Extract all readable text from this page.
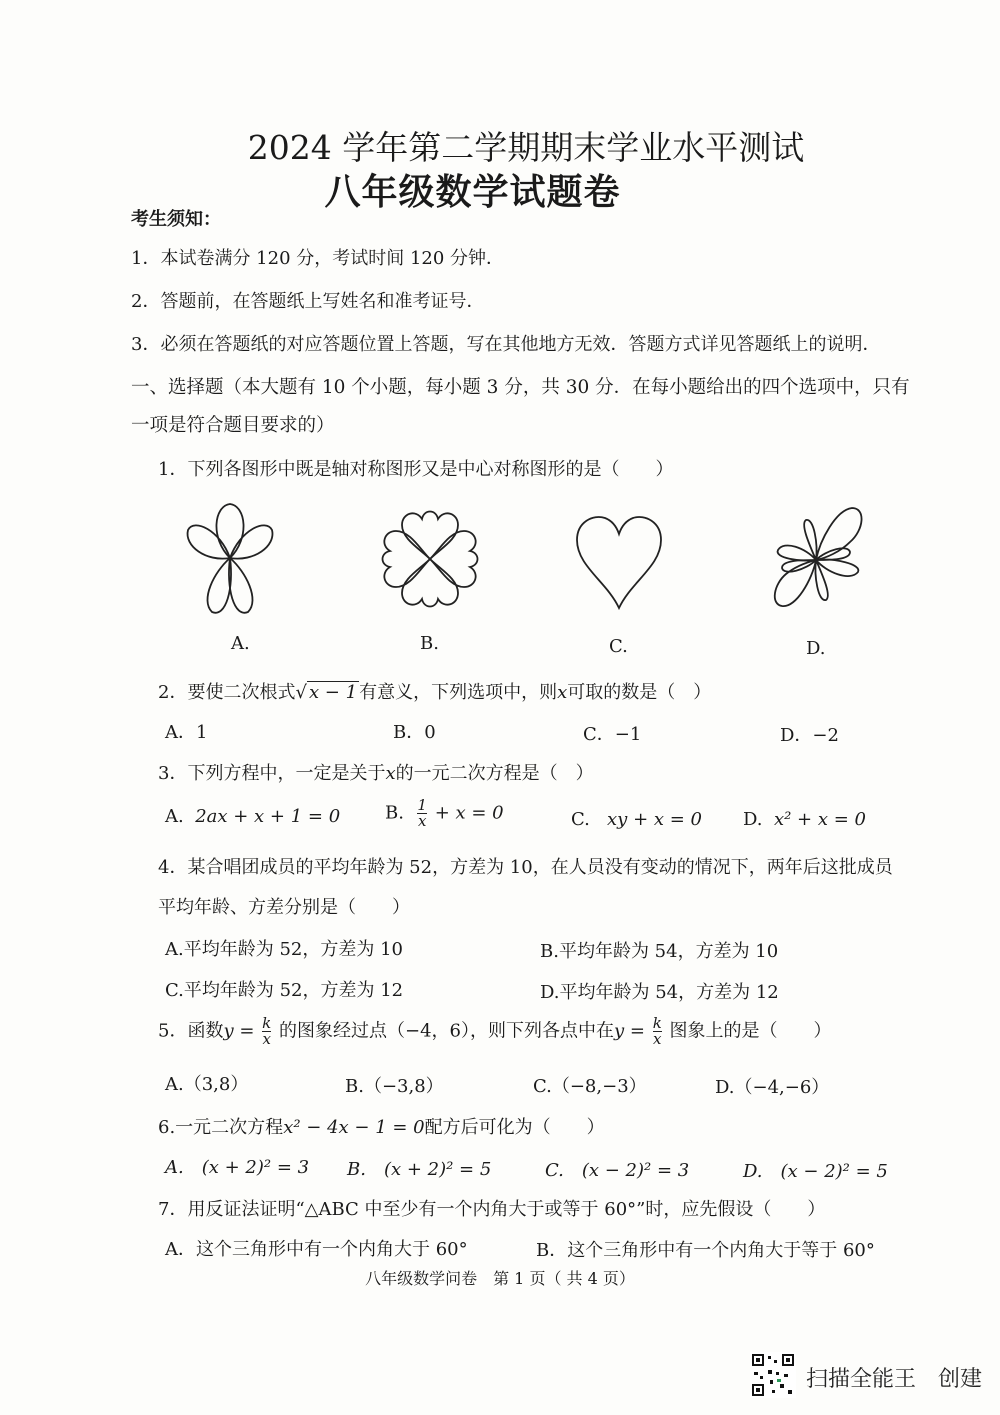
2024 学年第二学期期末学业水平测试
八年级数学试题卷
考生须知：
1．本试卷满分 120 分，考试时间 120 分钟．
2．答题前，在答题纸上写姓名和准考证号．
3．必须在答题纸的对应答题位置上答题，写在其他地方无效．答题方式详见答题纸上的说明．
一、选择题（本大题有 10 个小题，每小题 3 分，共 30 分．在每小题给出的四个选项中，只有
一项是符合题目要求的）
1．下列各图形中既是轴对称图形又是中心对称图形的是（　　）
A.	B.	C.	D.
2．要使二次根式√ x − 1 有意义，下列选项中，则x可取的数是（　）
A．1	B．0	C．−1	D．−2
3．下列方程中，一定是关于x的一元二次方程是（　）
A. 2ax + x + 1 = 0 B. $\frac{1}{x} + x = 0$	C. xy + x = 0 D. x² + x = 0
4．某合唱团成员的平均年龄为 52，方差为 10，在人员没有变动的情况下，两年后这批成员
平均年龄、方差分别是（　　）
A.平均年龄为 52，方差为 10	B.平均年龄为 54，方差为 10
C.平均年龄为 52，方差为 12	D.平均年龄为 54，方差为 12
5．函数$y = \frac{k}{x}$ 的图象经过点（−4，6），则下列各点中在$y = \frac{k}{x}$ 图象上的是（　　）
A.（3,8）	B.（−3,8）	C.（−8,−3）	D.（−4,−6）
6.一元二次方程x² − 4x − 1 = 0配方后可化为（　　）
A.　(x + 2)² = 3 B.　(x + 2)² = 5	C.　(x − 2)² = 3	D.　(x − 2)² = 5
7．用反证法证明“△ABC 中至少有一个内角大于或等于 60°”时，应先假设（　　）
A．这个三角形中有一个内角大于 60°	B．这个三角形中有一个内角大于等于 60°
八年级数学问卷　第 1 页（ 共 4 页）
扫描全能王　创建
